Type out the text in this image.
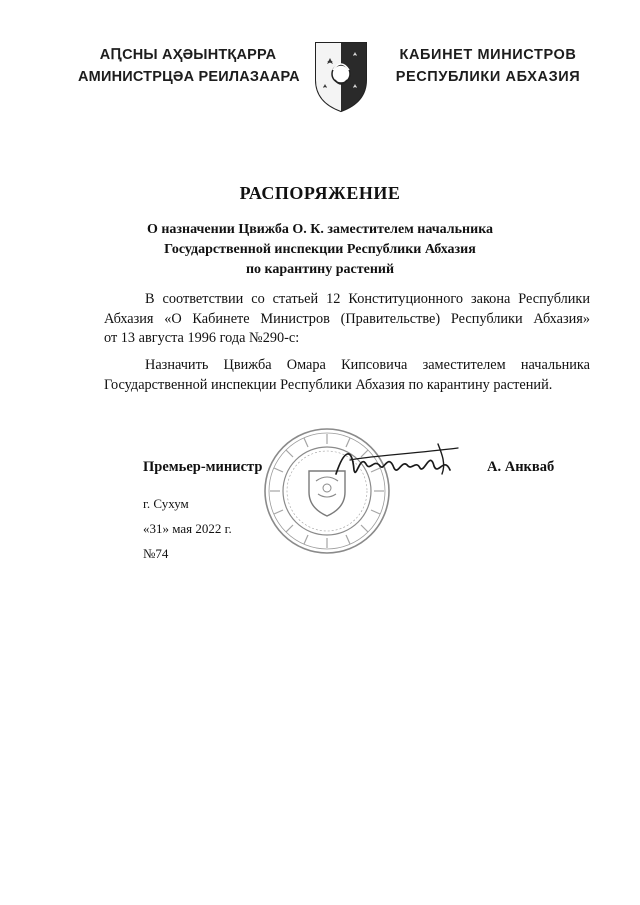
АԤСНЫ АҲӘЫНТҚАРРА
АМИНИСТРЦӘА РЕИЛАЗААРА
КАБИНЕТ МИНИСТРОВ
РЕСПУБЛИКИ АБХАЗИЯ
РАСПОРЯЖЕНИЕ
О назначении Цвижба О. К. заместителем начальника
Государственной инспекции Республики Абхазия
по карантину растений
В соответствии со статьей 12 Конституционного закона Республики
Абхазия «О Кабинете Министров (Правительстве) Республики Абхазия»
от 13 августа 1996 года №290-с:
Назначить Цвижба Омара Кипсовича заместителем начальника
Государственной инспекции Республики Абхазия по карантину растений.
Премьер-министр	А. Анкваб
г. Сухум
«31» мая 2022 г.
№74
